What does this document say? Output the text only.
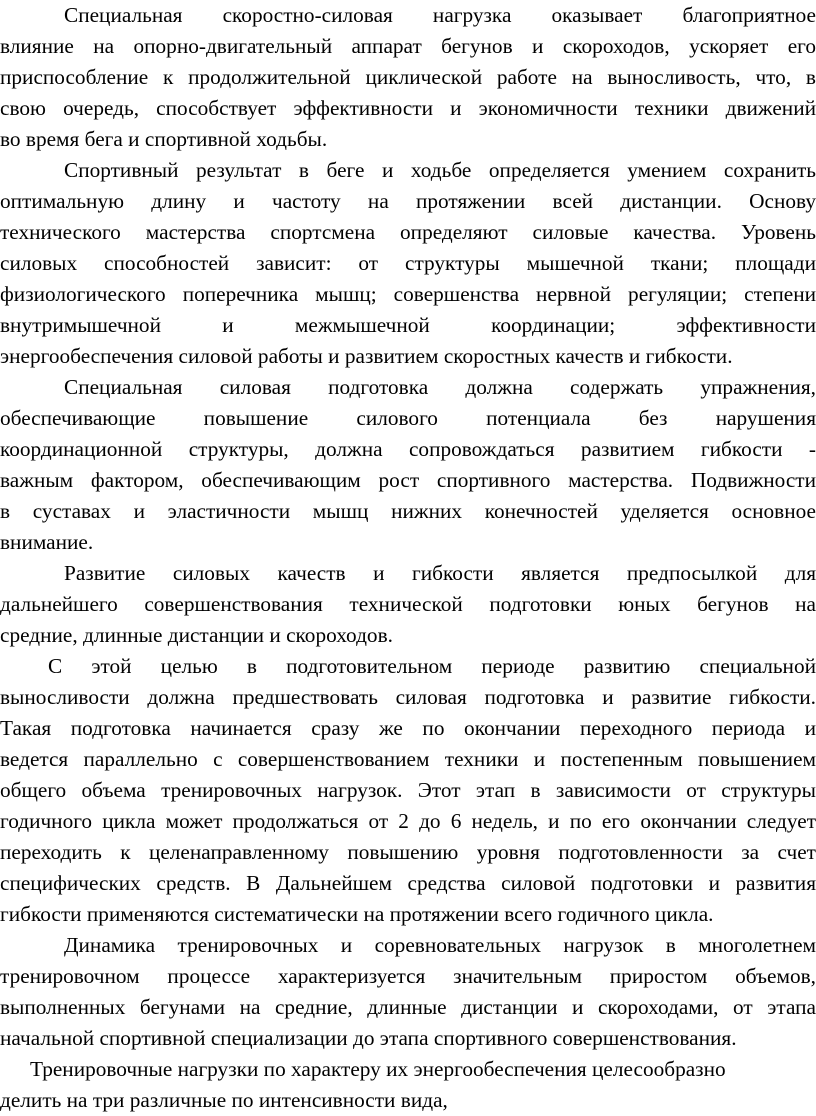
Специальная скоростно-силовая нагрузка оказывает благоприятное
влияние на опорно-двигательный аппарат бегунов и скороходов, ускоряет его
приспособление к продолжительной циклической работе на выносливость, что, в
свою очередь, способствует эффективности и экономичности техники движений
во время бега и спортивной ходьбы.
Спортивный результат в беге и ходьбе определяется умением сохранить
оптимальную длину и частоту на протяжении всей дистанции. Основу
технического мастерства спортсмена определяют силовые качества. Уровень
силовых способностей зависит: от структуры мышечной ткани; площади
физиологического поперечника мышц; совершенства нервной регуляции; степени
внутримышечной и межмышечной координации; эффективности
энергообеспечения силовой работы и развитием скоростных качеств и гибкости.
Специальная силовая подготовка должна содержать упражнения,
обеспечивающие повышение силового потенциала без нарушения
координационной структуры, должна сопровождаться развитием гибкости -
важным фактором, обеспечивающим рост спортивного мастерства. Подвижности
в суставах и эластичности мышц нижних конечностей уделяется основное
внимание.
Развитие силовых качеств и гибкости является предпосылкой для
дальнейшего совершенствования технической подготовки юных бегунов на
средние, длинные дистанции и скороходов.
С этой целью в подготовительном периоде развитию специальной
выносливости должна предшествовать силовая подготовка и развитие гибкости.
Такая подготовка начинается сразу же по окончании переходного периода и
ведется параллельно с совершенствованием техники и постепенным повышением
общего объема тренировочных нагрузок. Этот этап в зависимости от структуры
годичного цикла может продолжаться от 2 до 6 недель, и по его окончании следует
переходить к целенаправленному повышению уровня подготовленности за счет
специфических средств. В Дальнейшем средства силовой подготовки и развития
гибкости применяются систематически на протяжении всего годичного цикла.
Динамика тренировочных и соревновательных нагрузок в многолетнем
тренировочном процессе характеризуется значительным приростом объемов,
выполненных бегунами на средние, длинные дистанции и скороходами, от этапа
начальной спортивной специализации до этапа спортивного совершенствования.
Тренировочные нагрузки по характеру их энергообеспечения целесообразно
делить на три различные по интенсивности вида,
